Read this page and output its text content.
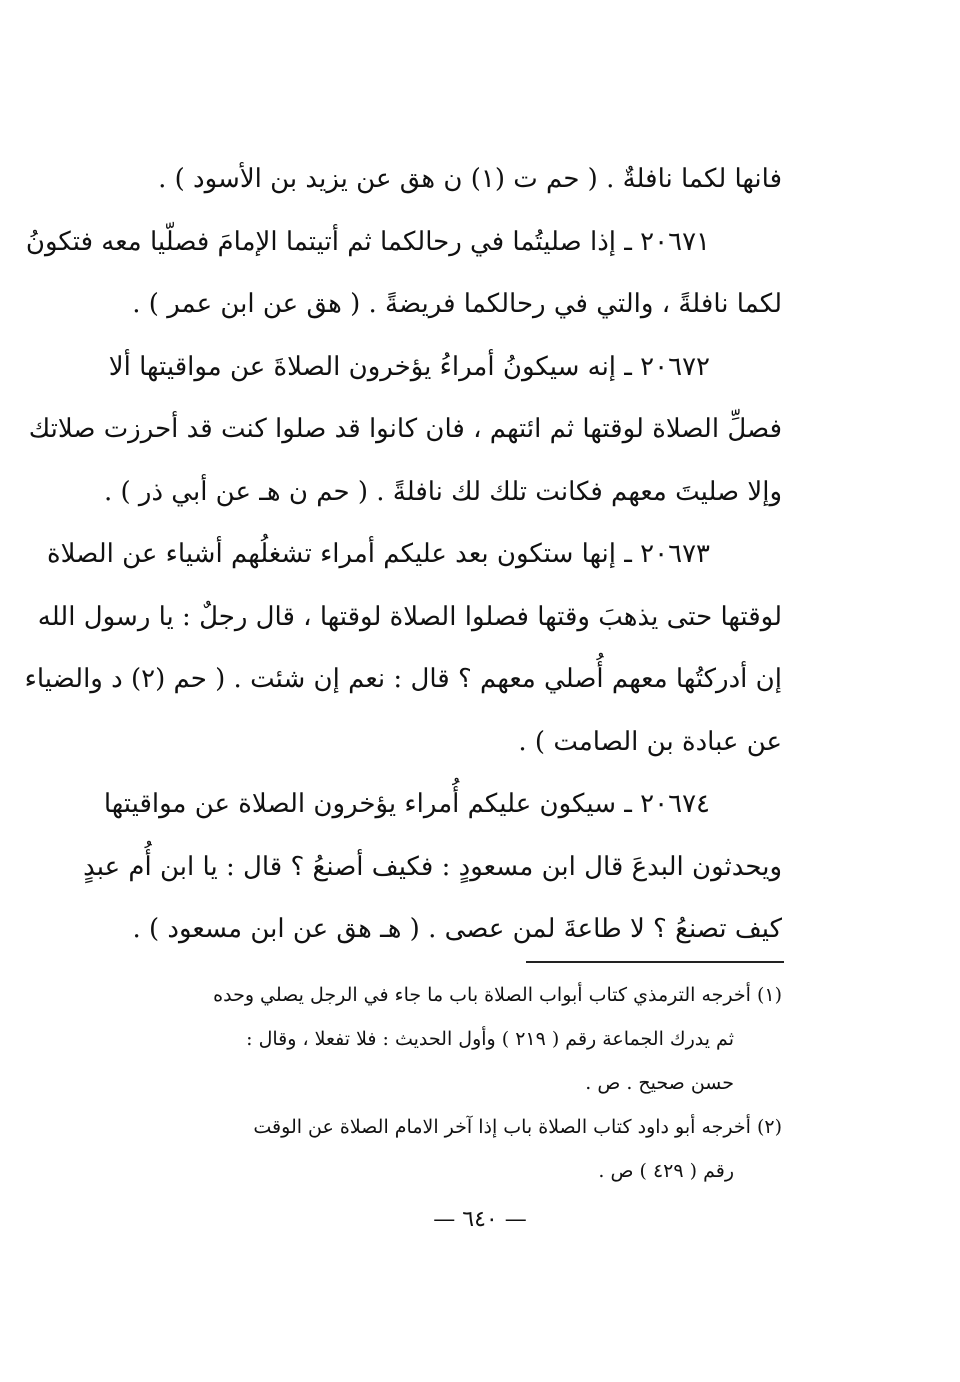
فانها لكما نافلةٌ . ( حم ت (١) ن هق عن يزيد بن الأسود ) .
٢٠٦٧١ ـ إذا صليتُما في رحالكما ثم أتيتما الإمامَ فصلّيا معه فتكونُ
لكما نافلةً ، والتي في رحالكما فريضةً . ( هق عن ابن عمر ) .
٢٠٦٧٢ ـ إنه سيكونُ أمراءُ يؤخرون الصلاةَ عن مواقيتها ألا
فصلِّ الصلاة لوقتها ثم ائتهم ، فان كانوا قد صلوا كنت قد أحرزت صلاتك
وإلا صليتَ معهم فكانت تلك لك نافلةً . ( حم ن هـ عن أبي ذر ) .
٢٠٦٧٣ ـ إنها ستكون بعد عليكم أمراء تشغلُهم أشياء عن الصلاة
لوقتها حتى يذهبَ وقتها فصلوا الصلاة لوقتها ، قال رجلٌ : يا رسول الله
إن أدركتُها معهم أُصلي معهم ؟ قال : نعم إن شئت . ( حم (٢) د والضياء
عن عبادة بن الصامت ) .
٢٠٦٧٤ ـ سيكون عليكم أُمراء يؤخرون الصلاة عن مواقيتها
ويحدثون البدعَ قال ابن مسعودٍ : فكيف أصنعُ ؟ قال : يا ابن أُم عبدٍ
كيف تصنعُ ؟ لا طاعةَ لمن عصى . ( هـ هق عن ابن مسعود ) .
(١) أخرجه الترمذي كتاب أبواب الصلاة باب ما جاء في الرجل يصلي وحده
ثم يدرك الجماعة رقم ( ٢١٩ ) وأول الحديث : فلا تفعلا ، وقال :
حسن صحيح . ص .
(٢) أخرجه أبو داود كتاب الصلاة باب إذا آخر الامام الصلاة عن الوقت
رقم ( ٤٢٩ ) ص .
— ٦٤٠ —
